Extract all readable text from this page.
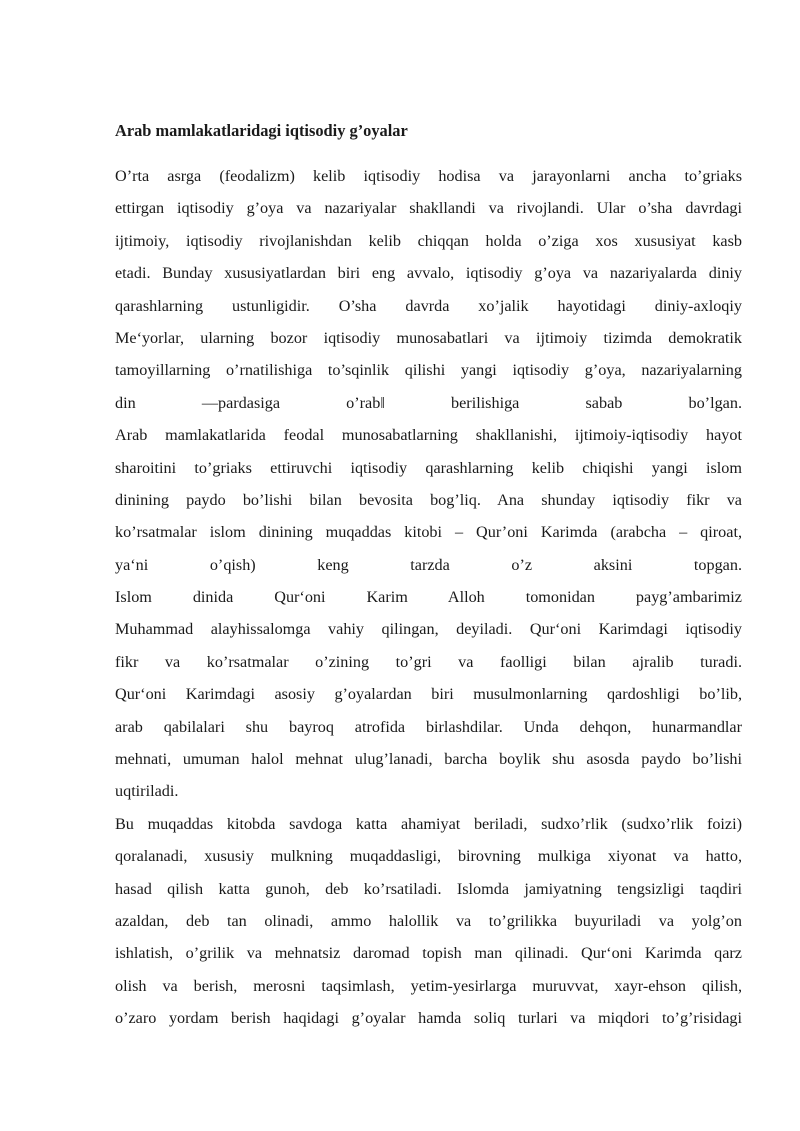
Arab mamlakatlaridagi iqtisodiy g’oyalar
O’rta asrga (feodalizm) kelib iqtisodiy hodisa va jarayonlarni ancha to’griaks
ettirgan iqtisodiy g’oya va nazariyalar shakllandi va rivojlandi. Ular o’sha davrdagi
ijtimoiy, iqtisodiy rivojlanishdan kelib chiqqan holda o’ziga xos xususiyat kasb
etadi. Bunday xususiyatlardan biri eng avvalo, iqtisodiy g’oya va nazariyalarda diniy
qarashlarning ustunligidir. O’sha davrda xo’jalik hayotidagi diniy-axloqiy
Me‘yorlar, ularning bozor iqtisodiy munosabatlari va ijtimoiy tizimda demokratik
tamoyillarning o’rnatilishiga to’sqinlik qilishi yangi iqtisodiy g’oya, nazariyalarning
din —pardasiga o’rab‖ berilishiga sabab bo’lgan.
Arab mamlakatlarida feodal munosabatlarning shakllanishi, ijtimoiy-iqtisodiy hayot
sharoitini to’griaks ettiruvchi iqtisodiy qarashlarning kelib chiqishi yangi islom
dinining paydo bo’lishi bilan bevosita bog’liq. Ana shunday iqtisodiy fikr va
ko’rsatmalar islom dinining muqaddas kitobi – Qur’oni Karimda (arabcha – qiroat,
ya‘ni o’qish) keng tarzda o’z aksini topgan.
Islom dinida Qur‘oni Karim Alloh tomonidan payg’ambarimiz
Muhammad alayhissalomga vahiy qilingan, deyiladi. Qur‘oni Karimdagi iqtisodiy
fikr va ko’rsatmalar o’zining to’gri va faolligi bilan ajralib turadi.
Qur‘oni Karimdagi asosiy g’oyalardan biri musulmonlarning qardoshligi bo’lib,
arab qabilalari shu bayroq atrofida birlashdilar. Unda dehqon, hunarmandlar
mehnati, umuman halol mehnat ulug’lanadi, barcha boylik shu asosda paydo bo’lishi
uqtiriladi.
Bu muqaddas kitobda savdoga katta ahamiyat beriladi, sudxo’rlik (sudxo’rlik foizi)
qoralanadi, xususiy mulkning muqaddasligi, birovning mulkiga xiyonat va hatto,
hasad qilish katta gunoh, deb ko’rsatiladi. Islomda jamiyatning tengsizligi taqdiri
azaldan, deb tan olinadi, ammo halollik va to’grilikka buyuriladi va yolg’on
ishlatish, o’grilik va mehnatsiz daromad topish man qilinadi. Qur‘oni Karimda qarz
olish va berish, merosni taqsimlash, yetim-yesirlarga muruvvat, xayr-ehson qilish,
o’zaro yordam berish haqidagi g’oyalar hamda soliq turlari va miqdori to’g’risidagi
